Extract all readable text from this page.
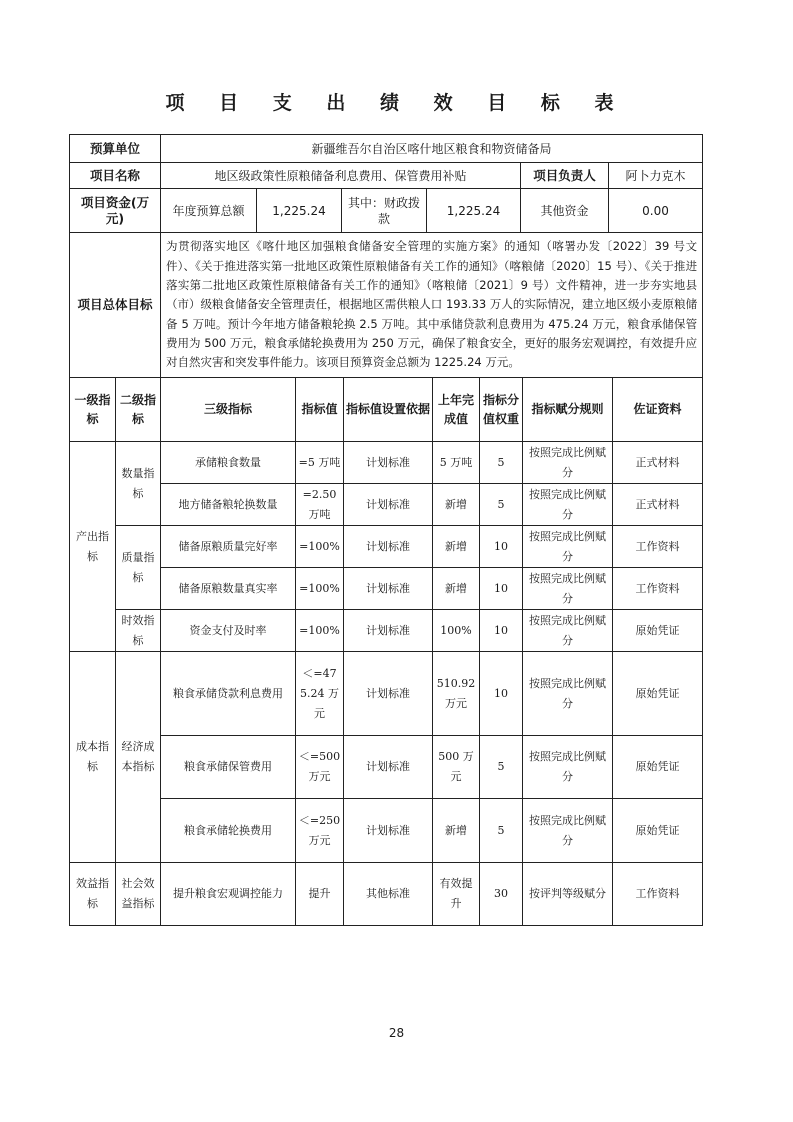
项 目 支 出 绩 效 目 标 表
预算单位	新疆维吾尔自治区喀什地区粮食和物资储备局					
项目名称	地区级政策性原粮储备利息费用、保管费用补贴				项目负责人	阿卜力克木
项目资金(万元)	年度预算总额	1,225.24	其中：财政拨款	1,225.24	其他资金	0.00
项目总体目标	为贯彻落实地区《喀什地区加强粮食储备安全管理的实施方案》的通知（喀署办发〔2022〕39 号文件）、《关于推进落实第一批地区政策性原粮储备有关工作的通知》（喀粮储〔2020〕15 号）、《关于推进落实第二批地区政策性原粮储备有关工作的通知》（喀粮储〔2021〕9 号）文件精神，进一步夯实地县（市）级粮食储备安全管理责任，根据地区需供粮人口 193.33 万人的实际情况，建立地区级小麦原粮储备 5 万吨。预计今年地方储备粮轮换 2.5 万吨。其中承储贷款利息费用为 475.24 万元，粮食承储保管费用为 500 万元，粮食承储轮换费用为 250 万元，确保了粮食安全，更好的服务宏观调控，有效提升应对自然灾害和突发事件能力。该项目预算资金总额为 1225.24 万元。					
一级指标	二级指标	三级指标	指标值	指标值设置依据	上年完成值	指标分值权重	指标赋分规则	佐证资料
产出指标	数量指标	承储粮食数量	=5 万吨	计划标准	5 万吨	5	按照完成比例赋分	正式材料
		地方储备粮轮换数量	=2.50 万吨	计划标准	新增	5	按照完成比例赋分	正式材料
	质量指标	储备原粮质量完好率	=100%	计划标准	新增	10	按照完成比例赋分	工作资料
		储备原粮数量真实率	=100%	计划标准	新增	10	按照完成比例赋分	工作资料
	时效指标	资金支付及时率	=100%	计划标准	100%	10	按照完成比例赋分	原始凭证
成本指标	经济成本指标	粮食承储贷款利息费用	＜=475.24 万元	计划标准	510.92 万元	10	按照完成比例赋分	原始凭证
		粮食承储保管费用	＜=500 万元	计划标准	500 万元	5	按照完成比例赋分	原始凭证
		粮食承储轮换费用	＜=250 万元	计划标准	新增	5	按照完成比例赋分	原始凭证
效益指标	社会效益指标	提升粮食宏观调控能力	提升	其他标准	有效提升	30	按评判等级赋分	工作资料
28
